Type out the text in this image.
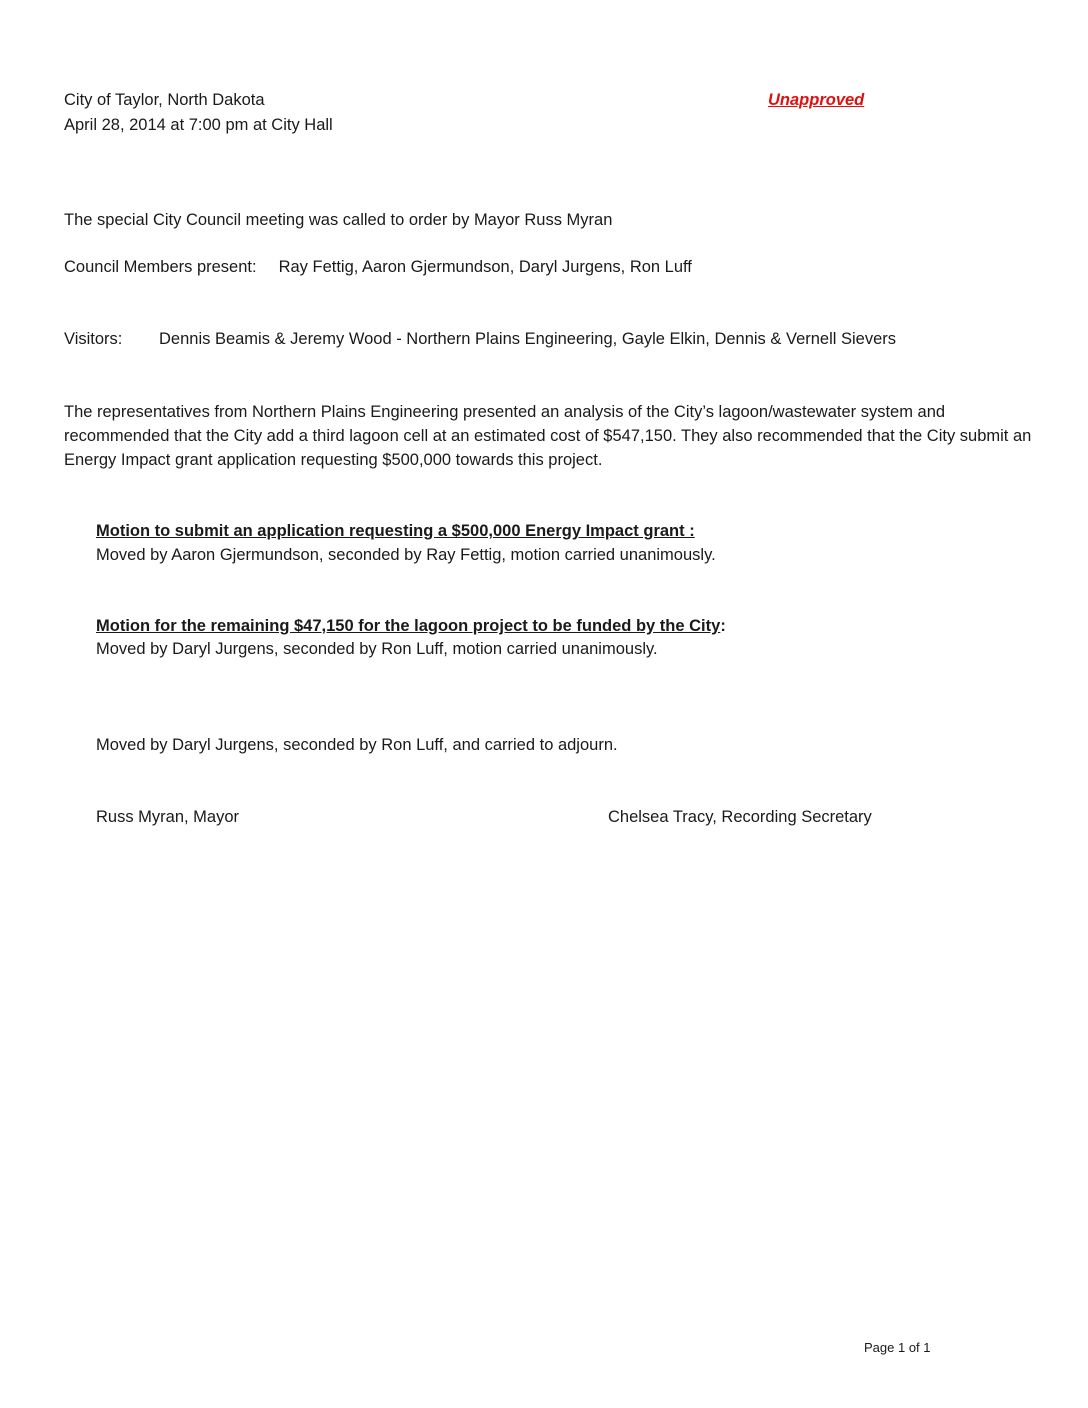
City of Taylor, North Dakota
April 28, 2014 at 7:00 pm at City Hall
Unapproved
The special City Council meeting was called to order by Mayor Russ Myran
Council Members present: Ray Fettig, Aaron Gjermundson, Daryl Jurgens, Ron Luff
Visitors: Dennis Beamis & Jeremy Wood - Northern Plains Engineering, Gayle Elkin, Dennis & Vernell Sievers
The representatives from Northern Plains Engineering presented an analysis of the City’s lagoon/wastewater system and recommended that the City add a third lagoon cell at an estimated cost of $547,150. They also recommended that the City submit an Energy Impact grant application requesting $500,000 towards this project.
Motion to submit an application requesting a $500,000 Energy Impact grant :
Moved by Aaron Gjermundson, seconded by Ray Fettig, motion carried unanimously.
Motion for the remaining $47,150 for the lagoon project to be funded by the City:
Moved by Daryl Jurgens, seconded by Ron Luff, motion carried unanimously.
Moved by Daryl Jurgens, seconded by Ron Luff, and carried to adjourn.
Russ Myran, Mayor	Chelsea Tracy, Recording Secretary
Page 1 of 1
